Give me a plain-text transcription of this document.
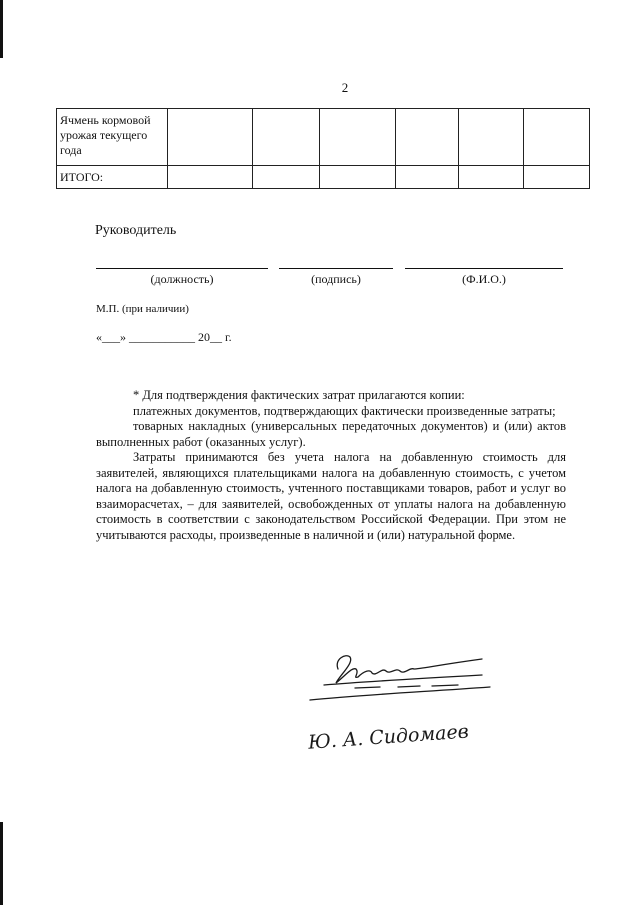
2
Ячмень кормовой урожая текущего года						
ИТОГО:						
Руководитель
(должность)	(подпись)	(Ф.И.О.)
М.П. (при наличии)
«___» ___________ 20__ г.

* Для подтверждения фактических затрат прилагаются копии:

платежных документов, подтверждающих фактически произведенные затраты;

товарных накладных (универсальных передаточных документов) и (или) актов выполненных работ (оказанных услуг).

Затраты принимаются без учета налога на добавленную стоимость для заявителей, являющихся плательщиками налога на добавленную стоимость, с учетом налога на добавленную стоимость, учтенного поставщиками товаров, работ и услуг во взаиморасчетах, – для заявителей, освобожденных от уплаты налога на добавленную стоимость в соответствии с законодательством Российской Федерации. При этом не учитываются расходы, произведенные в наличной и (или) натуральной форме.

Ю. А. Сидомаев
